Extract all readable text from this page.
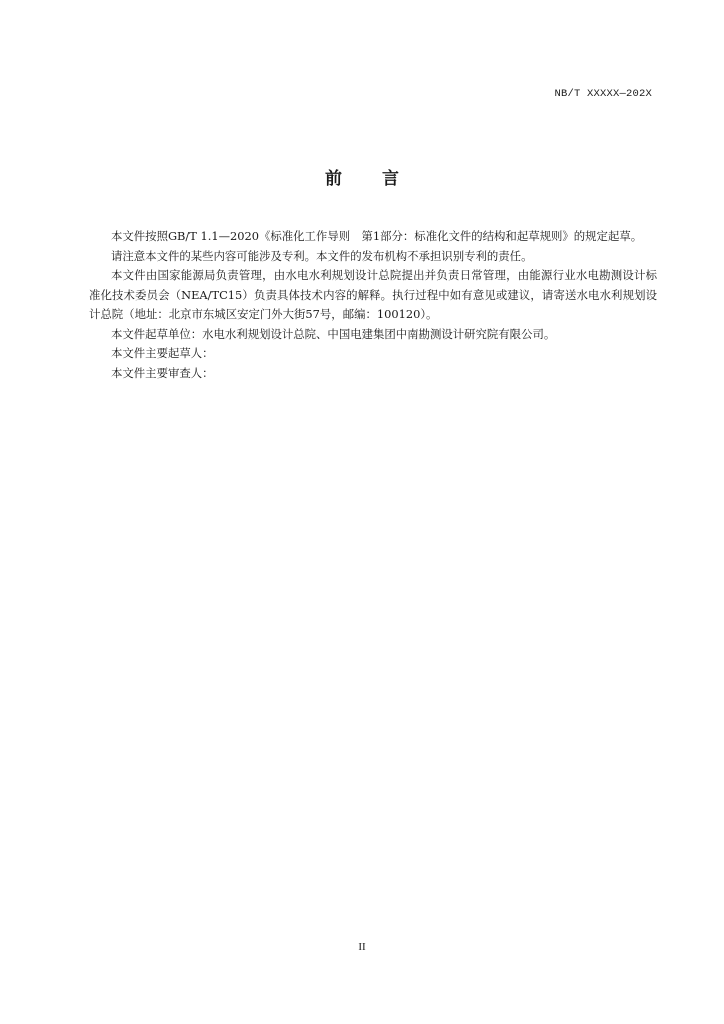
NB/T XXXXX—202X
前 言

本文件按照GB/T 1.1—2020《标准化工作导则　第1部分：标准化文件的结构和起草规则》的规定起草。

请注意本文件的某些内容可能涉及专利。本文件的发布机构不承担识别专利的责任。

本文件由国家能源局负责管理，由水电水利规划设计总院提出并负责日常管理，由能源行业水电勘测设计标准化技术委员会（NEA/TC15）负责具体技术内容的解释。执行过程中如有意见或建议，请寄送水电水利规划设计总院（地址：北京市东城区安定门外大街57号，邮编：100120）。

本文件起草单位：水电水利规划设计总院、中国电建集团中南勘测设计研究院有限公司。

本文件主要起草人：

本文件主要审查人：

II
